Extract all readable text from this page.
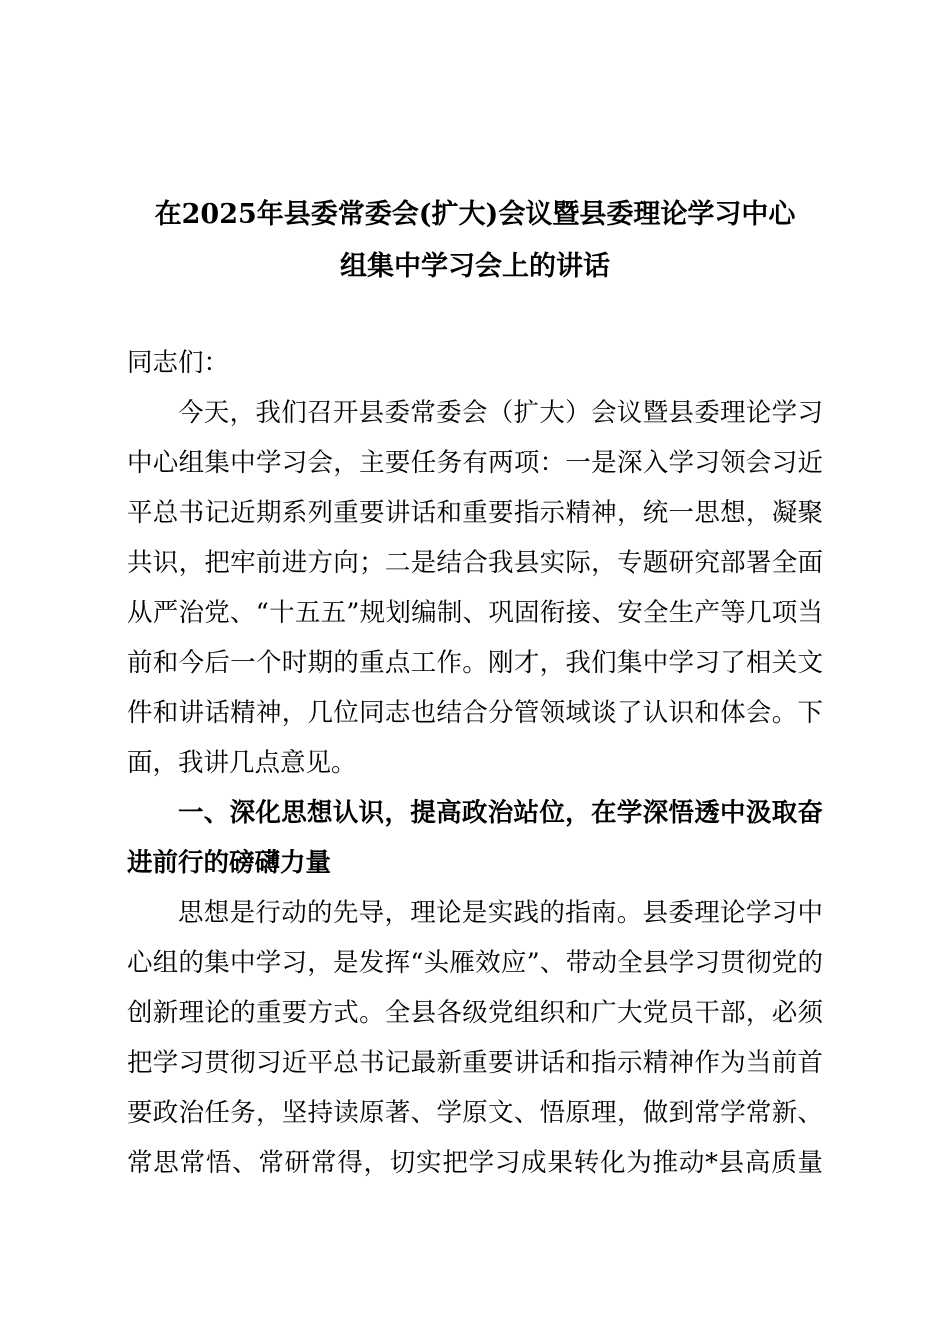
在2025年县委常委会(扩大)会议暨县委理论学习中心
组集中学习会上的讲话
同志们：
今天，我们召开县委常委会（扩大）会议暨县委理论学习
中心组集中学习会，主要任务有两项：一是深入学习领会习近
平总书记近期系列重要讲话和重要指示精神，统一思想，凝聚
共识，把牢前进方向；二是结合我县实际，专题研究部署全面
从严治党、“十五五”规划编制、巩固衔接、安全生产等几项当
前和今后一个时期的重点工作。刚才，我们集中学习了相关文
件和讲话精神，几位同志也结合分管领域谈了认识和体会。下
面，我讲几点意见。
一、深化思想认识，提高政治站位，在学深悟透中汲取奋
进前行的磅礴力量
思想是行动的先导，理论是实践的指南。县委理论学习中
心组的集中学习，是发挥“头雁效应”、带动全县学习贯彻党的
创新理论的重要方式。全县各级党组织和广大党员干部，必须
把学习贯彻习近平总书记最新重要讲话和指示精神作为当前首
要政治任务，坚持读原著、学原文、悟原理，做到常学常新、
常思常悟、常研常得，切实把学习成果转化为推动*县高质量
